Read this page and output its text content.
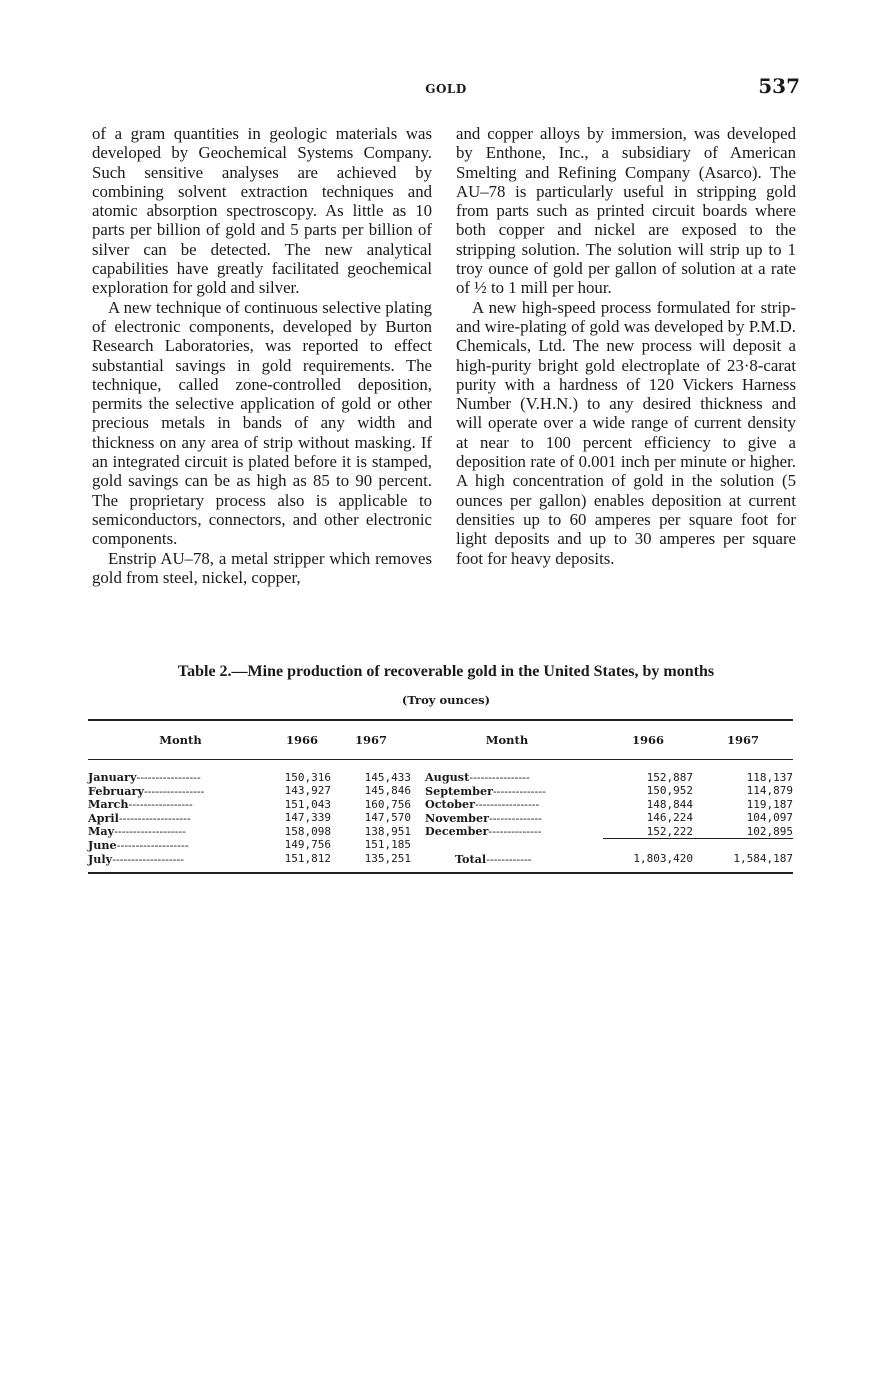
GOLD	537

of a gram quantities in geologic materials was developed by Geochemical Systems Company. Such sensitive analyses are achieved by combining solvent extraction techniques and atomic absorption spectroscopy. As little as 10 parts per billion of gold and 5 parts per billion of silver can be detected. The new analytical capabilities have greatly facilitated geochemical exploration for gold and silver.

A new technique of continuous selective plating of electronic components, developed by Burton Research Laboratories, was reported to effect substantial savings in gold requirements. The technique, called zone-controlled deposition, permits the selective application of gold or other precious metals in bands of any width and thickness on any area of strip without masking. If an integrated circuit is plated before it is stamped, gold savings can be as high as 85 to 90 percent. The proprietary process also is applicable to semiconductors, connectors, and other electronic components.

Enstrip AU–78, a metal stripper which removes gold from steel, nickel, copper,

and copper alloys by immersion, was developed by Enthone, Inc., a subsidiary of American Smelting and Refining Company (Asarco). The AU–78 is particularly useful in stripping gold from parts such as printed circuit boards where both copper and nickel are exposed to the stripping solution. The solution will strip up to 1 troy ounce of gold per gallon of solution at a rate of ½ to 1 mill per hour.

A new high-speed process formulated for strip- and wire-plating of gold was developed by P.M.D. Chemicals, Ltd. The new process will deposit a high-purity bright gold electroplate of 23·8-carat purity with a hardness of 120 Vickers Harness Number (V.H.N.) to any desired thickness and will operate over a wide range of current density at near to 100 percent efficiency to give a deposition rate of 0.001 inch per minute or higher. A high concentration of gold in the solution (5 ounces per gallon) enables deposition at current densities up to 60 amperes per square foot for light deposits and up to 30 amperes per square foot for heavy deposits.

Table 2.—Mine production of recoverable gold in the United States, by months
(Troy ounces)
Month	1966	1967	Month	1966	1967
January-----------------	150,316	145,433	August----------------	152,887	118,137
February----------------	143,927	145,846	September--------------	150,952	114,879
March-----------------	151,043	160,756	October-----------------	148,844	119,187
April-------------------	147,339	147,570	November--------------	146,224	104,097
May-------------------	158,098	138,951	December--------------	152,222	102,895
June-------------------	149,756	151,185			
July-------------------	151,812	135,251	Total------------	1,803,420	1,584,187
